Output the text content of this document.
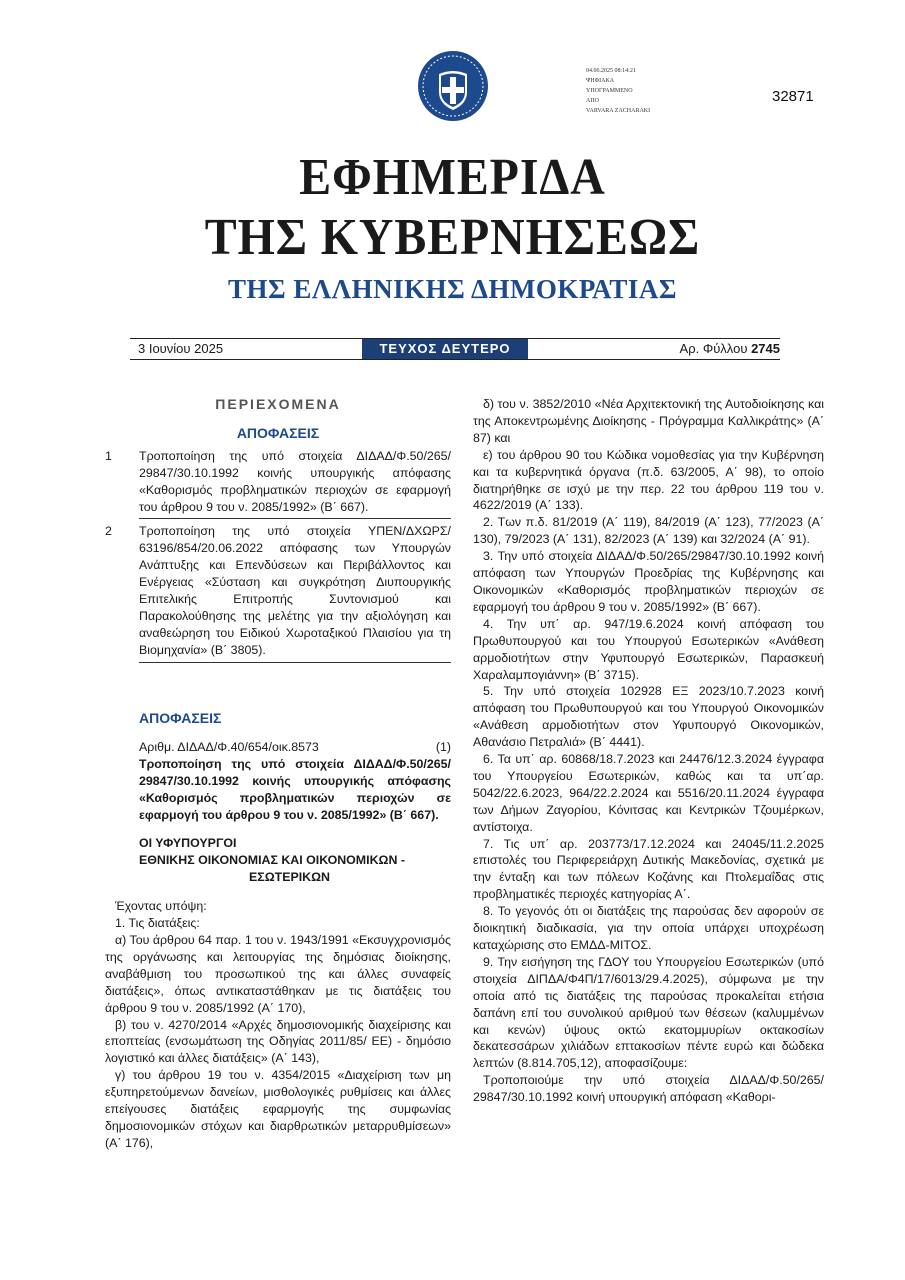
04.06.2025 08:14:21
ΨΗΦΙΑΚΑ
ΥΠΟΓΡΑΜΜΕΝΟ
ΑΠΟ
VARVARA ZACHARAKI
32871
ΕΦΗΜΕΡΙΔΑ
ΤΗΣ ΚΥΒΕΡΝΗΣΕΩΣ
ΤΗΣ ΕΛΛΗΝΙΚΗΣ ΔΗΜΟΚΡΑΤΙΑΣ
3 Ιουνίου 2025	ΤΕΥΧΟΣ ΔΕΥΤΕΡΟ	Αρ. Φύλλου 2745
ΠΕΡΙΕΧΟΜΕΝΑ
ΑΠΟΦΑΣΕΙΣ
1 Τροποποίηση της υπό στοιχεία ΔΙΔΑΔ/Φ.50/265/ 29847/30.10.1992 κοινής υπουργικής απόφασης «Καθορισμός προβληματικών περιοχών σε εφαρμογή του άρθρου 9 του ν. 2085/1992» (Β΄ 667).
2 Τροποποίηση της υπό στοιχεία ΥΠΕΝ/ΔΧΩΡΣ/ 63196/854/20.06.2022 απόφασης των Υπουργών Ανάπτυξης και Επενδύσεων και Περιβάλλοντος και Ενέργειας «Σύσταση και συγκρότηση Διυπουργικής Επιτελικής Επιτροπής Συντονισμού και Παρακολούθησης της μελέτης για την αξιολόγηση και αναθεώρηση του Ειδικού Χωροταξικού Πλαισίου για τη Βιομηχανία» (Β΄ 3805).
ΑΠΟΦΑΣΕΙΣ
Αριθμ. ΔΙΔΑΔ/Φ.40/654/οικ.8573	(1)
Τροποποίηση της υπό στοιχεία ΔΙΔΑΔ/Φ.50/265/ 29847/30.10.1992 κοινής υπουργικής απόφασης «Καθορισμός προβληματικών περιοχών σε εφαρμογή του άρθρου 9 του ν. 2085/1992» (Β΄ 667).
ΟΙ ΥΦΥΠΟΥΡΓΟΙ
ΕΘΝΙΚΗΣ ΟΙΚΟΝΟΜΙΑΣ ΚΑΙ ΟΙΚΟΝΟΜΙΚΩΝ -
ΕΣΩΤΕΡΙΚΩΝ

Έχοντας υπόψη:

1. Τις διατάξεις:

α) Του άρθρου 64 παρ. 1 του ν. 1943/1991 «Εκσυγχρονισμός της οργάνωσης και λειτουργίας της δημόσιας διοίκησης, αναβάθμιση του προσωπικού της και άλλες συναφείς διατάξεις», όπως αντικαταστάθηκαν με τις διατάξεις του άρθρου 9 του ν. 2085/1992 (Α΄ 170),

β) του ν. 4270/2014 «Αρχές δημοσιονομικής διαχείρισης και εποπτείας (ενσωμάτωση της Οδηγίας 2011/85/ ΕΕ) - δημόσιο λογιστικό και άλλες διατάξεις» (Α΄ 143),

γ) του άρθρου 19 του ν. 4354/2015 «Διαχείριση των μη εξυπηρετούμενων δανείων, μισθολογικές ρυθμίσεις και άλλες επείγουσες διατάξεις εφαρμογής της συμφωνίας δημοσιονομικών στόχων και διαρθρωτικών μεταρρυθμίσεων» (Α΄ 176),

δ) του ν. 3852/2010 «Νέα Αρχιτεκτονική της Αυτοδιοίκησης και της Αποκεντρωμένης Διοίκησης - Πρόγραμμα Καλλικράτης» (Α΄ 87) και

ε) του άρθρου 90 του Κώδικα νομοθεσίας για την Κυβέρνηση και τα κυβερνητικά όργανα (π.δ. 63/2005, Α΄ 98), το οποίο διατηρήθηκε σε ισχύ με την περ. 22 του άρθρου 119 του ν. 4622/2019 (Α΄ 133).

2. Των π.δ. 81/2019 (Α΄ 119), 84/2019 (Α΄ 123), 77/2023 (Α΄ 130), 79/2023 (Α΄ 131), 82/2023 (Α΄ 139) και 32/2024 (Α΄ 91).

3. Την υπό στοιχεία ΔΙΔΑΔ/Φ.50/265/29847/30.10.1992 κοινή απόφαση των Υπουργών Προεδρίας της Κυβέρνησης και Οικονομικών «Καθορισμός προβληματικών περιοχών σε εφαρμογή του άρθρου 9 του ν. 2085/1992» (Β΄ 667).

4. Την υπ΄ αρ. 947/19.6.2024 κοινή απόφαση του Πρωθυπουργού και του Υπουργού Εσωτερικών «Ανάθεση αρμοδιοτήτων στην Υφυπουργό Εσωτερικών, Παρασκευή Χαραλαμπογιάννη» (Β΄ 3715).

5. Την υπό στοιχεία 102928 ΕΞ 2023/10.7.2023 κοινή απόφαση του Πρωθυπουργού και του Υπουργού Οικονομικών «Ανάθεση αρμοδιοτήτων στον Υφυπουργό Οικονομικών, Αθανάσιο Πετραλιά» (Β΄ 4441).

6. Τα υπ΄ αρ. 60868/18.7.2023 και 24476/12.3.2024 έγγραφα του Υπουργείου Εσωτερικών, καθώς και τα υπ΄αρ. 5042/22.6.2023, 964/22.2.2024 και 5516/20.11.2024 έγγραφα των Δήμων Ζαγορίου, Κόνιτσας και Κεντρικών Τζουμέρκων, αντίστοιχα.

7. Τις υπ΄ αρ. 203773/17.12.2024 και 24045/11.2.2025 επιστολές του Περιφερειάρχη Δυτικής Μακεδονίας, σχετικά με την ένταξη και των πόλεων Κοζάνης και Πτολεμαΐδας στις προβληματικές περιοχές κατηγορίας Α΄.

8. Το γεγονός ότι οι διατάξεις της παρούσας δεν αφορούν σε διοικητική διαδικασία, για την οποία υπάρχει υποχρέωση καταχώρισης στο ΕΜΔΔ-ΜΙΤΟΣ.

9. Την εισήγηση της ΓΔΟΥ του Υπουργείου Εσωτερικών (υπό στοιχεία ΔΙΠΔΑ/Φ4Π/17/6013/29.4.2025), σύμφωνα με την οποία από τις διατάξεις της παρούσας προκαλείται ετήσια δαπάνη επί του συνολικού αριθμού των θέσεων (καλυμμένων και κενών) ύψους οκτώ εκατομμυρίων οκτακοσίων δεκατεσσάρων χιλιάδων επτακοσίων πέντε ευρώ και δώδεκα λεπτών (8.814.705,12), αποφασίζουμε:

Τροποποιούμε την υπό στοιχεία ΔΙΔΑΔ/Φ.50/265/ 29847/30.10.1992 κοινή υπουργική απόφαση «Καθορι-
